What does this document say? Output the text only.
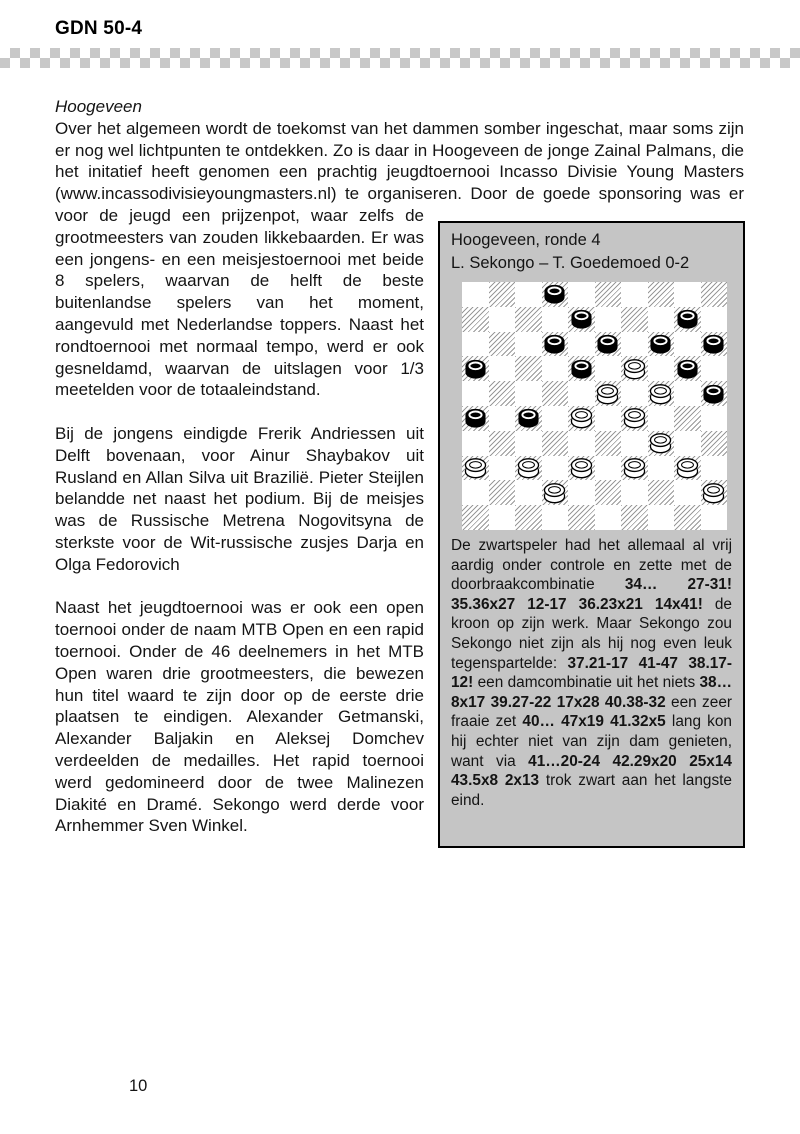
GDN 50-4
Hoogeveen, ronde 4
L. Sekongo – T. Goedemoed 0-2
De zwartspeler had het allemaal al vrij aardig onder controle en zette met de doorbraakcombinatie 34… 27-31! 35.36x27 12-17 36.23x21 14x41! de kroon op zijn werk. Maar Sekongo zou Sekongo niet zijn als hij nog even leuk tegenspartelde: 37.21-17 41-47 38.17-12! een damcombinatie uit het niets 38… 8x17 39.27-22 17x28 40.38-32 een zeer fraaie zet 40… 47x19 41.32x5 lang kon hij echter niet van zijn dam genieten, want via 41…20-24 42.29x20 25x14 43.5x8 2x13 trok zwart aan het langste eind.

Hoogeveen

Over het algemeen wordt de toekomst van het dammen somber ingeschat, maar soms zijn er nog wel lichtpunten te ontdekken. Zo is daar in Hoogeveen de jonge Zainal Palmans, die het initatief heeft genomen een prachtig jeugdtoernooi Incasso Divisie Young Masters (www.incassodivisieyoungmasters.nl) te organiseren. Door de goede sponsoring was er voor de jeugd een prijzenpot, waar zelfs de grootmeesters van zouden likkebaarden. Er was een jongens- en een meisjestoernooi met beide 8 spelers, waarvan de helft de beste buitenlandse spelers van het moment, aangevuld met Nederlandse toppers. Naast het rondtoernooi met normaal tempo, werd er ook gesneldamd, waarvan de uitslagen voor 1/3 meetelden voor de totaaleindstand.

Bij de jongens eindigde Frerik Andriessen uit Delft bovenaan, voor Ainur Shaybakov uit Rusland en Allan Silva uit Brazilië. Pieter Steijlen belandde net naast het podium. Bij de meisjes was de Russische Metrena Nogovitsyna de sterkste voor de Wit-russische zusjes Darja en Olga Fedorovich

Naast het jeugdtoernooi was er ook een open toernooi onder de naam MTB Open en een rapid toernooi. Onder de 46 deelnemers in het MTB Open waren drie grootmeesters, die bewezen hun titel waard te zijn door op de eerste drie plaatsen te eindigen. Alexander Getmanski, Alexander Baljakin en Aleksej Domchev verdeelden de medailles. Het rapid toernooi werd gedomineerd door de twee Malinezen Diakité en Dramé. Sekongo werd derde voor Arnhemmer Sven Winkel.

10
